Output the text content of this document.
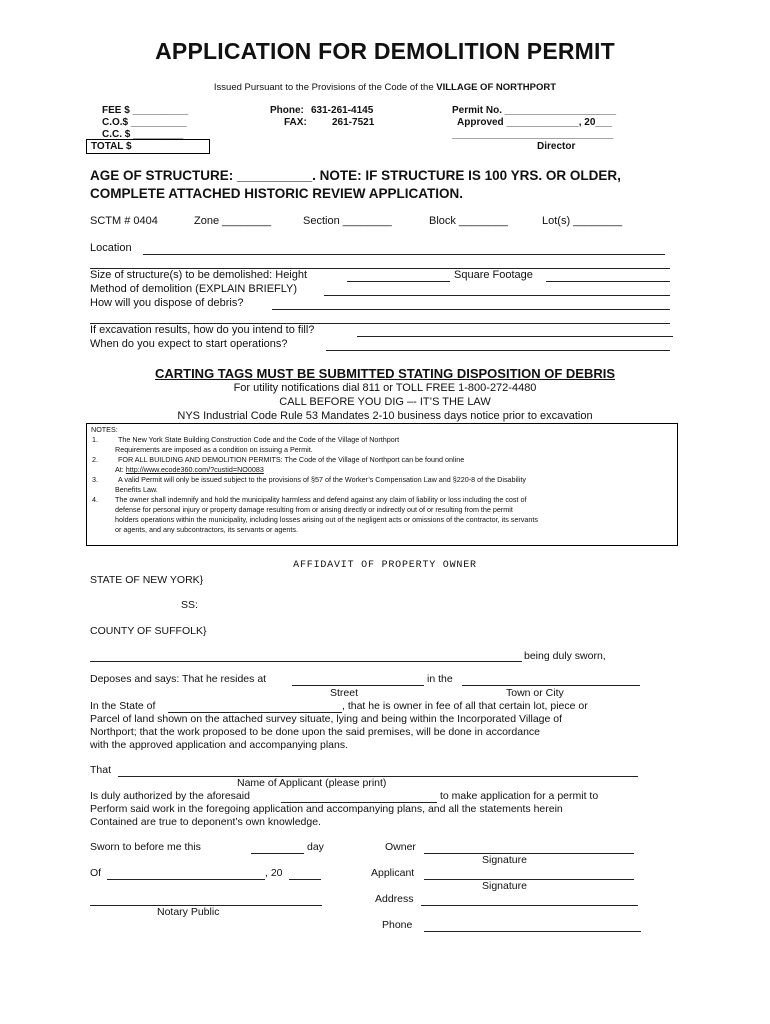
APPLICATION FOR DEMOLITION PERMIT
Issued Pursuant to the Provisions of the Code of the VILLAGE OF NORTHPORT
FEE $ __________
C.O.$ __________
C.C. $ _________
TOTAL $
Phone: 631-261-4145
FAX:	261-7521
Permit No. ____________________
Approved _____________, 20___
_____________________________
Director
AGE OF STRUCTURE: __________. NOTE: IF STRUCTURE IS 100 YRS. OR OLDER,
COMPLETE ATTACHED HISTORIC REVIEW APPLICATION.
SCTM # 0404	Zone ________	Section ________	Block ________	Lot(s) ________
Location
Size of structure(s) to be demolished: Height	Square Footage
Method of demolition (EXPLAIN BRIEFLY)
How will you dispose of debris?
If excavation results, how do you intend to fill?
When do you expect to start operations?
CARTING TAGS MUST BE SUBMITTED STATING DISPOSITION OF DEBRIS
For utility notifications dial 811 or TOLL FREE 1-800-272-4480
CALL BEFORE YOU DIG –- IT’S THE LAW
NYS Industrial Code Rule 53 Mandates 2-10 business days notice prior to excavation
NOTES:
1.	The New York State Building Construction Code and the Code of the Village of Northport
Requirements are imposed as a condition on issuing a Permit.
2.	FOR ALL BUILDING AND DEMOLITION PERMITS: The Code of the Village of Northport can be found online
At: http://www.ecode360.com/?custid=NO0083
3.	A valid Permit will only be issued subject to the provisions of §57 of the Worker’s Compensation Law and §220-8 of the Disability
Benefits Law.
4. The owner shall indemnify and hold the municipality harmless and defend against any claim of liability or loss including the cost of
defense for personal injury or property damage resulting from or arising directly or indirectly out of or resulting from the permit
holders operations within the municipality, including losses arising out of the negligent acts or omissions of the contractor, its servants
or agents, and any subcontractors, its servants or agents.
AFFIDAVIT OF PROPERTY OWNER
STATE OF NEW YORK}
SS:
COUNTY OF SUFFOLK}
being duly sworn,
Deposes and says: That he resides at	in the
Street	Town or City
In the State of	, that he is owner in fee of all that certain lot, piece or
Parcel of land shown on the attached survey situate, lying and being within the Incorporated Village of
Northport; that the work proposed to be done upon the said premises, will be done in accordance
with the approved application and accompanying plans.
That
Name of Applicant (please print)
Is duly authorized by the aforesaid	to make application for a permit to
Perform said work in the foregoing application and accompanying plans, and all the statements herein
Contained are true to deponent’s own knowledge.
Sworn to before me this	day
Of	, 20
Notary Public
Owner
Signature
Applicant
Signature
Address
Phone
